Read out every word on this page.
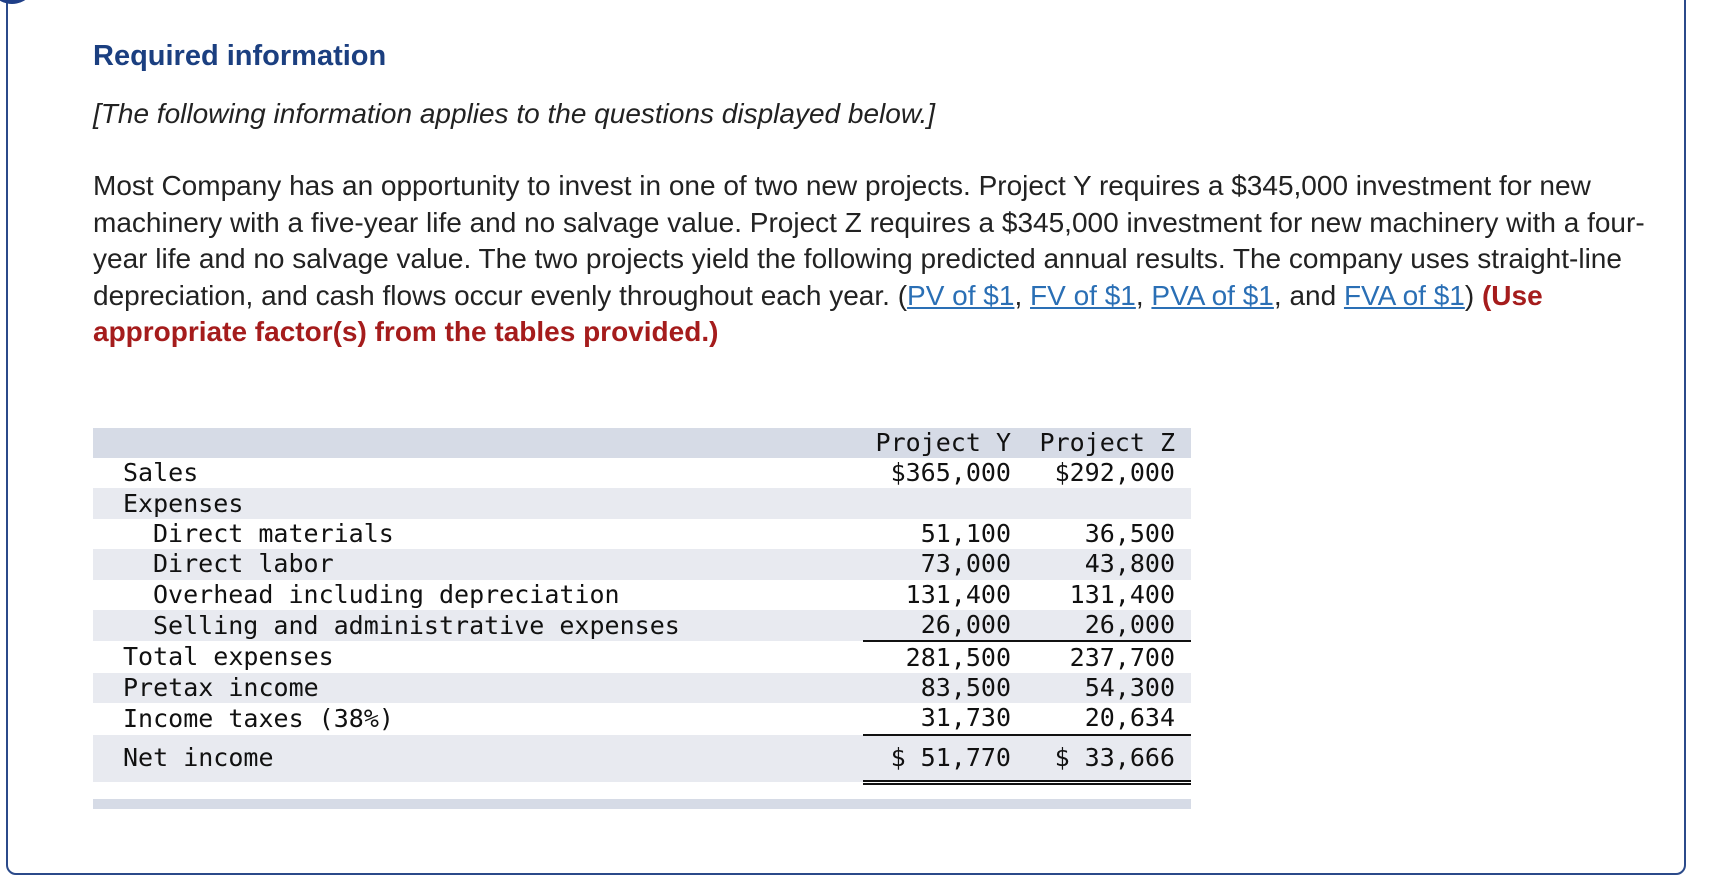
Required information

[The following information applies to the questions displayed below.]

Most Company has an opportunity to invest in one of two new projects. Project Y requires a $345,000 investment for new machinery with a five-year life and no salvage value. Project Z requires a $345,000 investment for new machinery with a four-year life and no salvage value. The two projects yield the following predicted annual results. The company uses straight-line depreciation, and cash flows occur evenly throughout each year. (PV of $1, FV of $1, PVA of $1, and FVA of $1) (Use appropriate factor(s) from the tables provided.)

	Project Y	Project Z
Sales	$365,000	$292,000
Expenses		
Direct materials	51,100	36,500
Direct labor	73,000	43,800
Overhead including depreciation	131,400	131,400
Selling and administrative expenses	26,000	26,000
Total expenses	281,500	237,700
Pretax income	83,500	54,300
Income taxes (38%)	31,730	20,634
Net income	$ 51,770	$ 33,666
